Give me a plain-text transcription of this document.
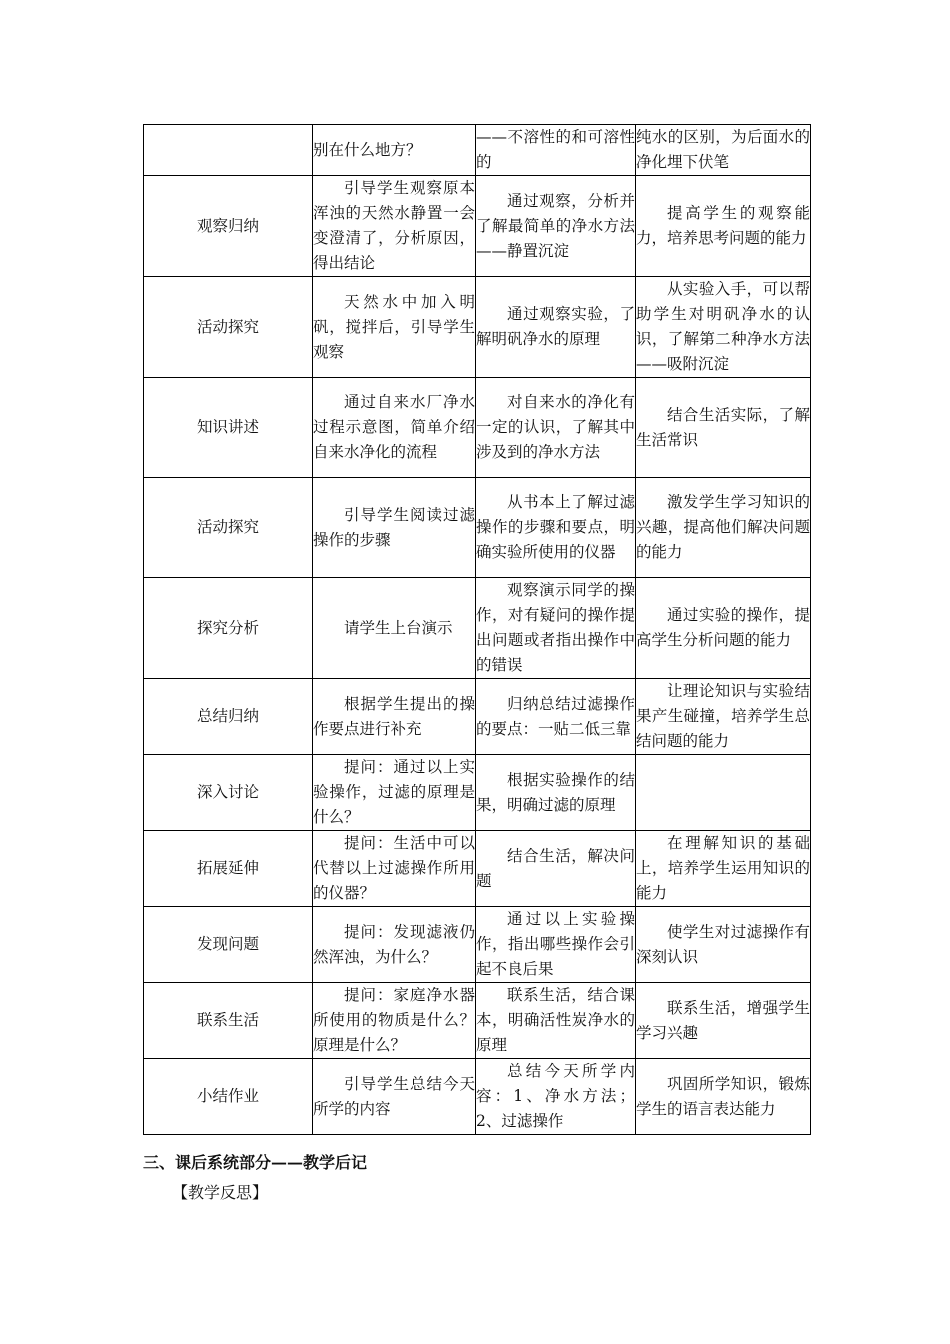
	别在什么地方？	——不溶性的和可溶性的	纯水的区别，为后面水的净化埋下伏笔

观察归纳	引导学生观察原本浑浊的天然水静置一会变澄清了，分析原因，得出结论	通过观察，分析并了解最简单的净水方法——静置沉淀	提高学生的观察能力，培养思考问题的能力

活动探究	天然水中加入明矾，搅拌后，引导学生观察	通过观察实验，了解明矾净水的原理	从实验入手，可以帮助学生对明矾净水的认识，了解第二种净水方法——吸附沉淀

知识讲述	通过自来水厂净水过程示意图，简单介绍自来水净化的流程	对自来水的净化有一定的认识，了解其中涉及到的净水方法	结合生活实际，了解生活常识

活动探究	引导学生阅读过滤操作的步骤	从书本上了解过滤操作的步骤和要点，明确实验所使用的仪器	激发学生学习知识的兴趣，提高他们解决问题的能力

探究分析	请学生上台演示	观察演示同学的操作，对有疑问的操作提出问题或者指出操作中的错误	通过实验的操作，提高学生分析问题的能力

总结归纳	根据学生提出的操作要点进行补充	归纳总结过滤操作的要点：一贴二低三靠	让理论知识与实验结果产生碰撞，培养学生总结问题的能力

深入讨论	提问：通过以上实验操作，过滤的原理是什么？	根据实验操作的结果，明确过滤的原理	

拓展延伸	提问：生活中可以代替以上过滤操作所用的仪器？	结合生活，解决问题	在理解知识的基础上，培养学生运用知识的能力

发现问题	提问：发现滤液仍然浑浊，为什么？	通过以上实验操作，指出哪些操作会引起不良后果	使学生对过滤操作有深刻认识

联系生活	提问：家庭净水器所使用的物质是什么？原理是什么？	联系生活，结合课本，明确活性炭净水的原理	联系生活，增强学生学习兴趣

小结作业	引导学生总结今天所学的内容	总结今天所学内容：1、净水方法；2、过滤操作	巩固所学知识，锻炼学生的语言表达能力
三、课后系统部分——教学后记
【教学反思】
